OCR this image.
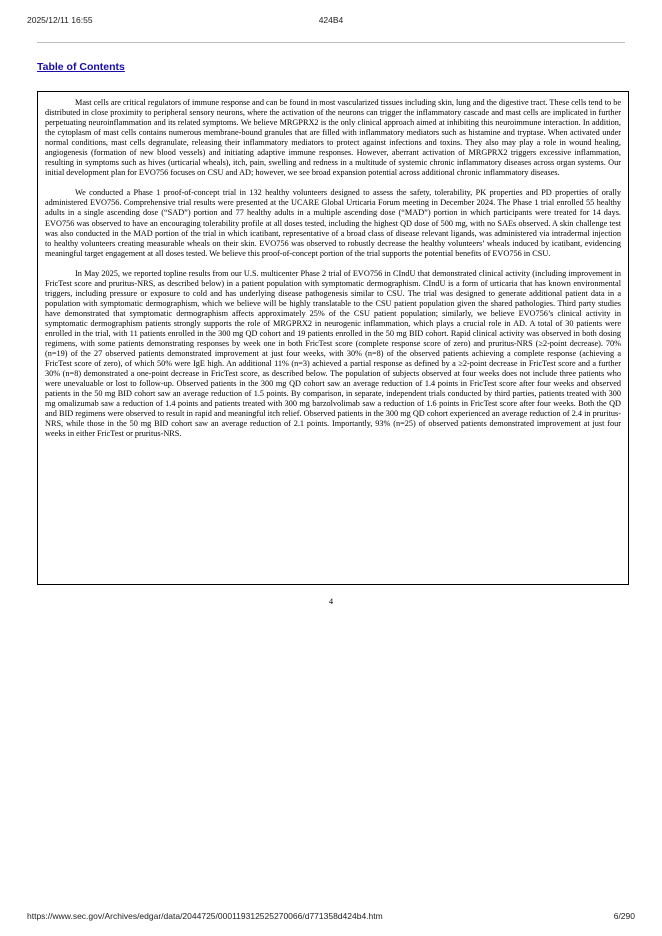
2025/12/11 16:55	424B4
Table of Contents

Mast cells are critical regulators of immune response and can be found in most vascularized tissues including skin, lung and the digestive tract. These cells tend to be distributed in close proximity to peripheral sensory neurons, where the activation of the neurons can trigger the inflammatory cascade and mast cells are implicated in further perpetuating neuroinflammation and its related symptoms. We believe MRGPRX2 is the only clinical approach aimed at inhibiting this neuroimmune interaction. In addition, the cytoplasm of mast cells contains numerous membrane-bound granules that are filled with inflammatory mediators such as histamine and tryptase. When activated under normal conditions, mast cells degranulate, releasing their inflammatory mediators to protect against infections and toxins. They also may play a role in wound healing, angiogenesis (formation of new blood vessels) and initiating adaptive immune responses. However, aberrant activation of MRGPRX2 triggers excessive inflammation, resulting in symptoms such as hives (urticarial wheals), itch, pain, swelling and redness in a multitude of systemic chronic inflammatory diseases across organ systems. Our initial development plan for EVO756 focuses on CSU and AD; however, we see broad expansion potential across additional chronic inflammatory diseases.

We conducted a Phase 1 proof-of-concept trial in 132 healthy volunteers designed to assess the safety, tolerability, PK properties and PD properties of orally administered EVO756. Comprehensive trial results were presented at the UCARE Global Urticaria Forum meeting in December 2024. The Phase 1 trial enrolled 55 healthy adults in a single ascending dose (“SAD”) portion and 77 healthy adults in a multiple ascending dose (“MAD”) portion in which participants were treated for 14 days. EVO756 was observed to have an encouraging tolerability profile at all doses tested, including the highest QD dose of 500 mg, with no SAEs observed. A skin challenge test was also conducted in the MAD portion of the trial in which icatibant, representative of a broad class of disease relevant ligands, was administered via intradermal injection to healthy volunteers creating measurable wheals on their skin. EVO756 was observed to robustly decrease the healthy volunteers’ wheals induced by icatibant, evidencing meaningful target engagement at all doses tested. We believe this proof-of-concept portion of the trial supports the potential benefits of EVO756 in CSU.

In May 2025, we reported topline results from our U.S. multicenter Phase 2 trial of EVO756 in CIndU that demonstrated clinical activity (including improvement in FricTest score and pruritus-NRS, as described below) in a patient population with symptomatic dermographism. CIndU is a form of urticaria that has known environmental triggers, including pressure or exposure to cold and has underlying disease pathogenesis similar to CSU. The trial was designed to generate additional patient data in a population with symptomatic dermographism, which we believe will be highly translatable to the CSU patient population given the shared pathologies. Third party studies have demonstrated that symptomatic dermographism affects approximately 25% of the CSU patient population; similarly, we believe EVO756’s clinical activity in symptomatic dermographism patients strongly supports the role of MRGPRX2 in neurogenic inflammation, which plays a crucial role in AD. A total of 30 patients were enrolled in the trial, with 11 patients enrolled in the 300 mg QD cohort and 19 patients enrolled in the 50 mg BID cohort. Rapid clinical activity was observed in both dosing regimens, with some patients demonstrating responses by week one in both FricTest score (complete response score of zero) and pruritus-NRS (≥2-point decrease). 70% (n=19) of the 27 observed patients demonstrated improvement at just four weeks, with 30% (n=8) of the observed patients achieving a complete response (achieving a FricTest score of zero), of which 50% were IgE high. An additional 11% (n=3) achieved a partial response as defined by a ≥2-point decrease in FricTest score and a further 30% (n=8) demonstrated a one-point decrease in FricTest score, as described below. The population of subjects observed at four weeks does not include three patients who were unevaluable or lost to follow-up. Observed patients in the 300 mg QD cohort saw an average reduction of 1.4 points in FricTest score after four weeks and observed patients in the 50 mg BID cohort saw an average reduction of 1.5 points. By comparison, in separate, independent trials conducted by third parties, patients treated with 300 mg omalizumab saw a reduction of 1.4 points and patients treated with 300 mg barzolvolimab saw a reduction of 1.6 points in FricTest score after four weeks. Both the QD and BID regimens were observed to result in rapid and meaningful itch relief. Observed patients in the 300 mg QD cohort experienced an average reduction of 2.4 in pruritus-NRS, while those in the 50 mg BID cohort saw an average reduction of 2.1 points. Importantly, 93% (n=25) of observed patients demonstrated improvement at just four weeks in either FricTest or pruritus-NRS.

4
https://www.sec.gov/Archives/edgar/data/2044725/000119312525270066/d771358d424b4.htm	6/290
